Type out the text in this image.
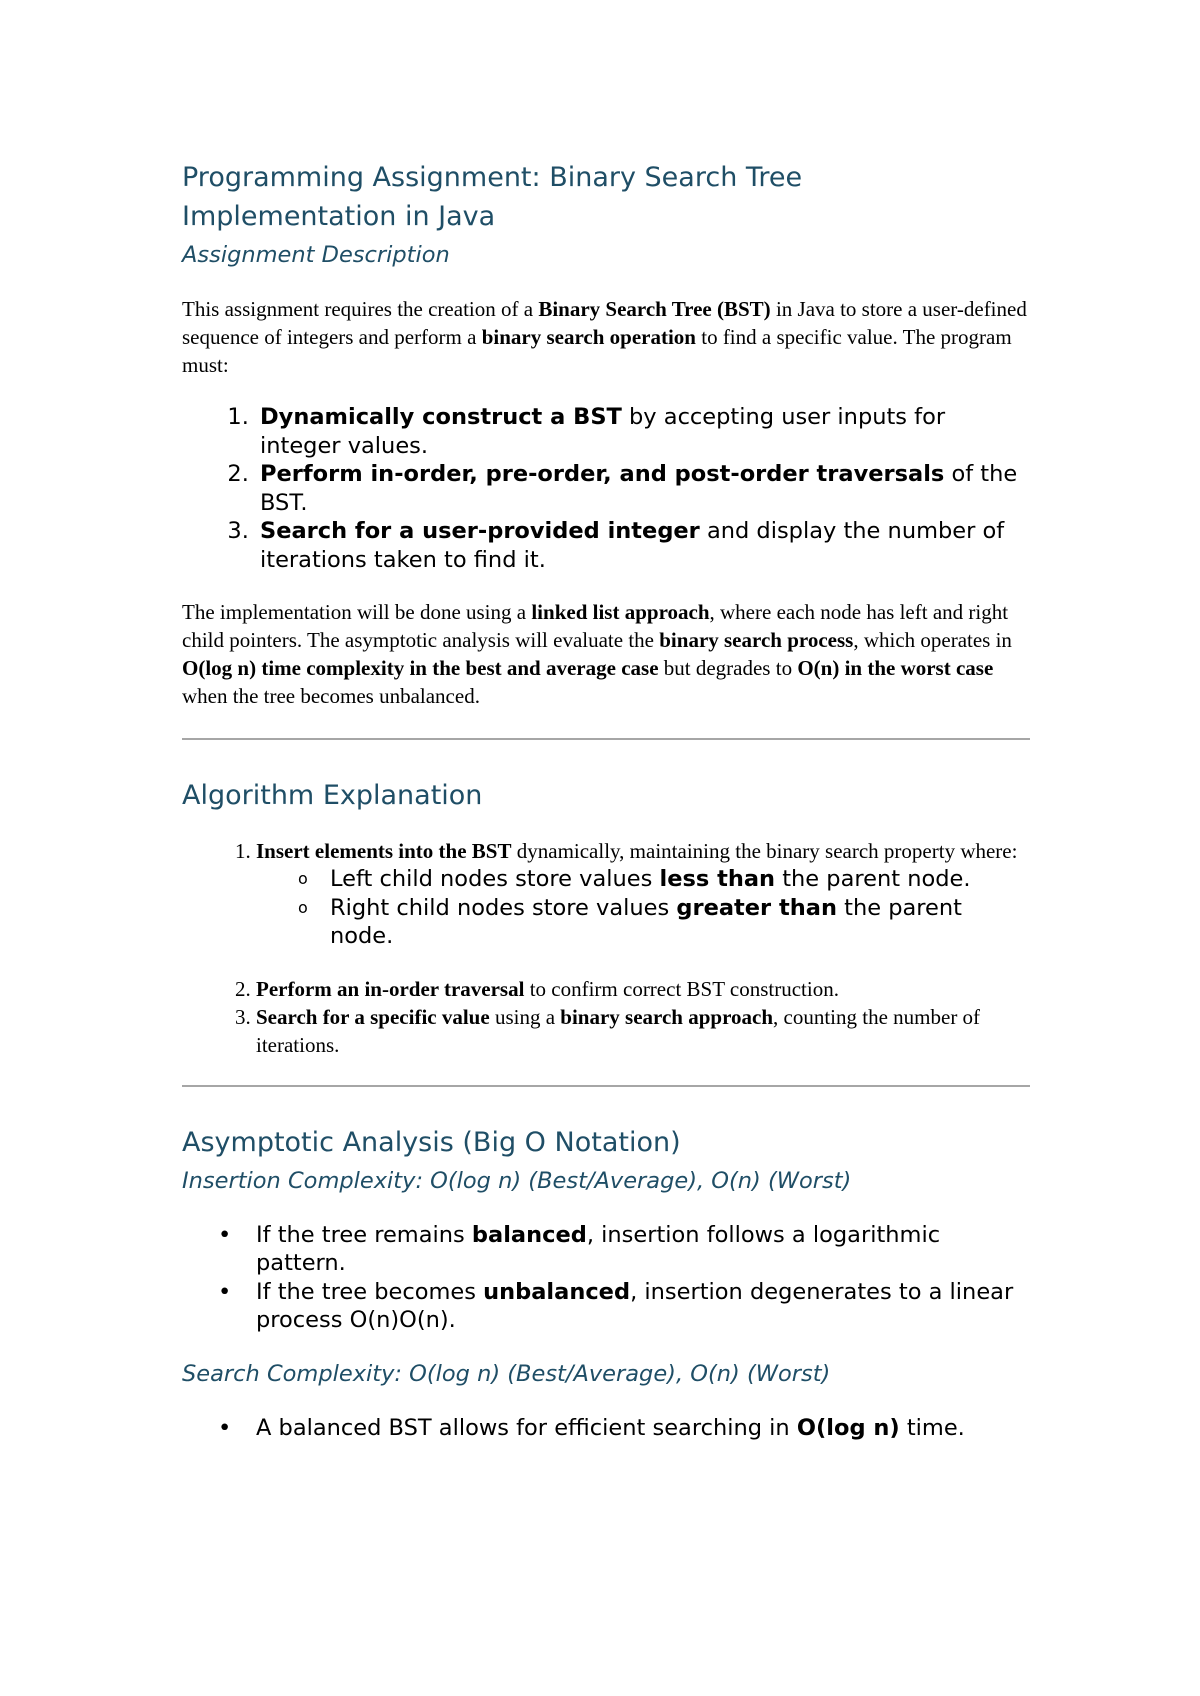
Programming Assignment: Binary Search Tree Implementation in Java
Assignment Description

This assignment requires the creation of a Binary Search Tree (BST) in Java to store a user-defined sequence of integers and perform a binary search operation to find a specific value. The program must:

1. Dynamically construct a BST by accepting user inputs for integer values.
2. Perform in-order, pre-order, and post-order traversals of the BST.
3. Search for a user-provided integer and display the number of iterations taken to find it.

The implementation will be done using a linked list approach, where each node has left and right child pointers. The asymptotic analysis will evaluate the binary search process, which operates in O(log n) time complexity in the best and average case but degrades to O(n) in the worst case when the tree becomes unbalanced.

Algorithm Explanation
1. Insert elements into the BST dynamically, maintaining the binary search property where:
o Left child nodes store values less than the parent node.
o Right child nodes store values greater than the parent node.
2. Perform an in-order traversal to confirm correct BST construction.
3. Search for a specific value using a binary search approach, counting the number of iterations.
Asymptotic Analysis (Big O Notation)
Insertion Complexity: O(log n) (Best/Average), O(n) (Worst)
• If the tree remains balanced, insertion follows a logarithmic pattern.
• If the tree becomes unbalanced, insertion degenerates to a linear process O(n)O(n).
Search Complexity: O(log n) (Best/Average), O(n) (Worst)
• A balanced BST allows for efficient searching in O(log n) time.
